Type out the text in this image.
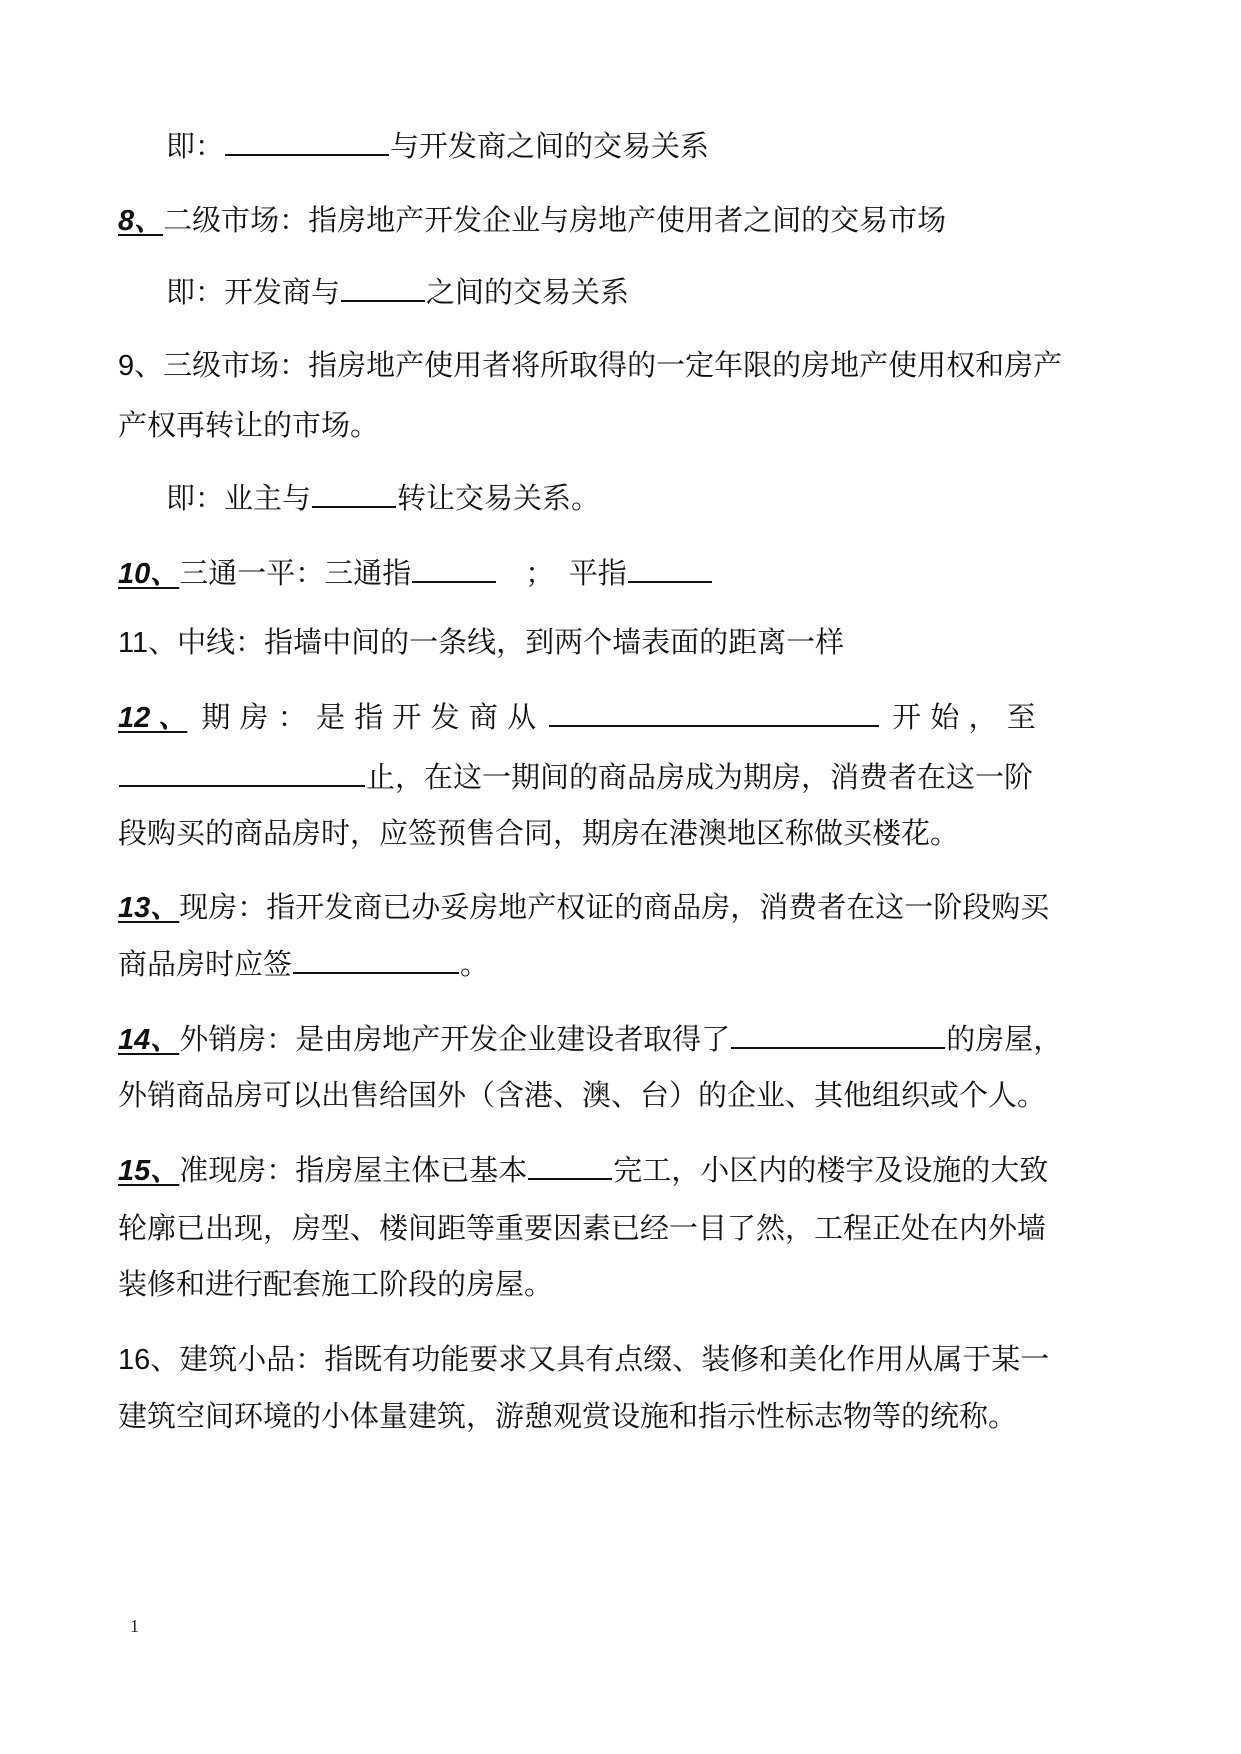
即：	与开发商之间的交易关系
8、二级市场：指房地产开发企业与房地产使用者之间的交易市场
即：开发商与	之间的交易关系
9、三级市场：指房地产使用者将所取得的一定年限的房地产使用权和房产
产权再转让的市场。
即：业主与	转让交易关系。
10、三通一平：三通指	；　平指
11、中线：指墙中间的一条线，到两个墙表面的距离一样
12 、 期 房 ： 是 指 开 发 商 从	开 始 ， 至
止，在这一期间的商品房成为期房，消费者在这一阶
段购买的商品房时，应签预售合同，期房在港澳地区称做买楼花。
13、现房：指开发商已办妥房地产权证的商品房，消费者在这一阶段购买
商品房时应签	。
14、外销房：是由房地产开发企业建设者取得了	的房屋，
外销商品房可以出售给国外（含港、澳、台）的企业、其他组织或个人。
15、准现房：指房屋主体已基本	完工，小区内的楼宇及设施的大致
轮廓已出现，房型、楼间距等重要因素已经一目了然，工程正处在内外墙
装修和进行配套施工阶段的房屋。
16、建筑小品：指既有功能要求又具有点缀、装修和美化作用从属于某一
建筑空间环境的小体量建筑，游憩观赏设施和指示性标志物等的统称。
1
